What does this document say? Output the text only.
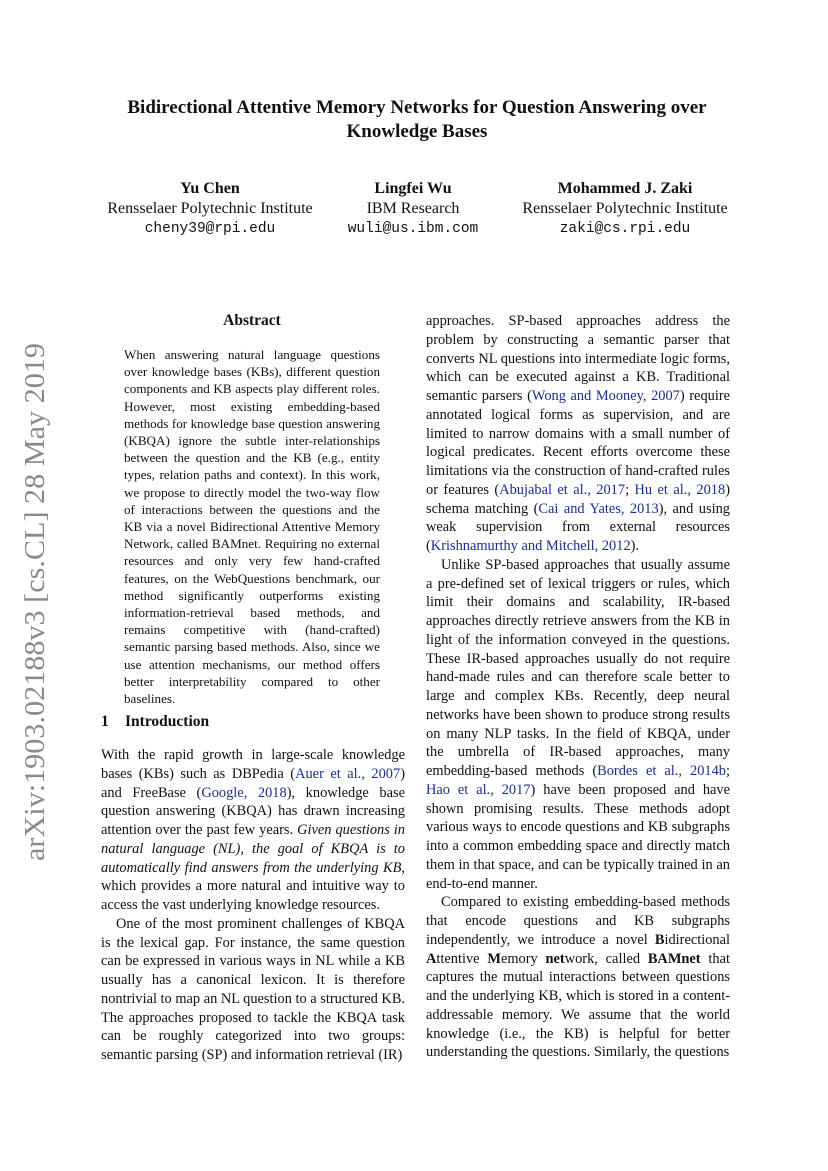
arXiv:1903.02188v3 [cs.CL] 28 May 2019
Bidirectional Attentive Memory Networks for Question Answering over Knowledge Bases
Yu Chen
Rensselaer Polytechnic Institute
cheny39@rpi.edu
Lingfei Wu
IBM Research
wuli@us.ibm.com
Mohammed J. Zaki
Rensselaer Polytechnic Institute
zaki@cs.rpi.edu
Abstract

When answering natural language questions over knowledge bases (KBs), different question components and KB aspects play different roles. However, most existing embedding-based methods for knowledge base question answering (KBQA) ignore the subtle inter-relationships between the question and the KB (e.g., entity types, relation paths and context). In this work, we propose to directly model the two-way flow of interactions between the questions and the KB via a novel Bidirectional Attentive Memory Network, called BAMnet. Requiring no external resources and only very few hand-crafted features, on the WebQuestions benchmark, our method significantly outperforms existing information-retrieval based methods, and remains competitive with (hand-crafted) semantic parsing based methods. Also, since we use attention mechanisms, our method offers better interpretability compared to other baselines.

1 Introduction

With the rapid growth in large-scale knowledge bases (KBs) such as DBPedia (Auer et al., 2007) and FreeBase (Google, 2018), knowledge base question answering (KBQA) has drawn increasing attention over the past few years. Given questions in natural language (NL), the goal of KBQA is to automatically find answers from the underlying KB, which provides a more natural and intuitive way to access the vast underlying knowledge resources.

One of the most prominent challenges of KBQA is the lexical gap. For instance, the same question can be expressed in various ways in NL while a KB usually has a canonical lexicon. It is therefore nontrivial to map an NL question to a structured KB. The approaches proposed to tackle the KBQA task can be roughly categorized into two groups: semantic parsing (SP) and information retrieval (IR)

approaches. SP-based approaches address the problem by constructing a semantic parser that converts NL questions into intermediate logic forms, which can be executed against a KB. Traditional semantic parsers (Wong and Mooney, 2007) require annotated logical forms as supervision, and are limited to narrow domains with a small number of logical predicates. Recent efforts overcome these limitations via the construction of hand-crafted rules or features (Abujabal et al., 2017; Hu et al., 2018) schema matching (Cai and Yates, 2013), and using weak supervision from external resources (Krishnamurthy and Mitchell, 2012).

Unlike SP-based approaches that usually assume a pre-defined set of lexical triggers or rules, which limit their domains and scalability, IR-based approaches directly retrieve answers from the KB in light of the information conveyed in the questions. These IR-based approaches usually do not require hand-made rules and can therefore scale better to large and complex KBs. Recently, deep neural networks have been shown to produce strong results on many NLP tasks. In the field of KBQA, under the umbrella of IR-based approaches, many embedding-based methods (Bordes et al., 2014b; Hao et al., 2017) have been proposed and have shown promising results. These methods adopt various ways to encode questions and KB subgraphs into a common embedding space and directly match them in that space, and can be typically trained in an end-to-end manner.

Compared to existing embedding-based methods that encode questions and KB subgraphs independently, we introduce a novel Bidirectional Attentive Memory network, called BAMnet that captures the mutual interactions between questions and the underlying KB, which is stored in a content-addressable memory. We assume that the world knowledge (i.e., the KB) is helpful for better understanding the questions. Similarly, the questions
